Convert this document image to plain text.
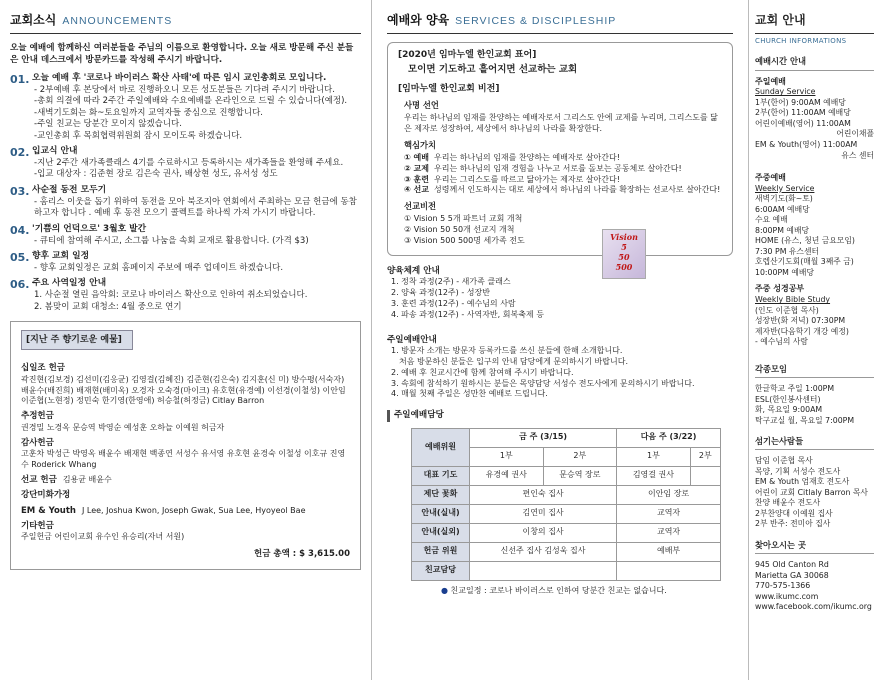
교회소식 ANNOUNCEMENTS
오늘 예배에 함께하신 여러분들을 주님의 이름으로 환영합니다. 오늘 새로 방문해 주신 분들은 안내 데스크에서 방문카드를 작성해 주시기 바랍니다.
01. 오늘 예배 후 '코로나 바이러스 확산 사태'에 따른 임시 교인총회로 모입니다.
- 2부예배 후 본당에서 바로 진행하오니 모든 성도분들은 기다려 주시기 바랍니다.
-총회 의결에 따라 2주간 주일예배와 수요예배를 온라인으로 드릴 수 있습니다(예정).
-새벽기도회는 화~토요일까지 교역자들 중심으로 진행합니다.
-주일 친교는 당분간 모이지 않겠습니다.
-교인총회 후 목회협력위원회 잠시 모이도록 하겠습니다.
02. 입교식 안내
-지난 2주간 새가족클래스 4기를 수료하시고 등록하시는 새가족들을 환영해 주세요.
-입교 대상자 : 김준현 장로 김은숙 권사, 배상현 성도, 유서성 성도
03. 사순절 동전 모두기
- 홈리스 이웃을 돕기 위하여 동전을 모아 북조지아 연회에서 주최하는 모금 헌금에 동참하고자 합니다 . 예배 후 동전 모으기 콜렉트를 하나씩 가져 가시기 바랍니다.
04. '기쁨의 언덕으로' 3월호 발간
- 큐티에 참여해 주시고, 소그룹 나눔을 속회 교재로 활용합니다. (가격 $3)
05. 향후 교회 일정
- 향후 교회일정은 교회 홈페이지 주보에 매주 업데이트 하겠습니다.
06. 주요 사역일정 안내
1. 사순절 열린 음악회: 코로나 바이러스 확산으로 인하여 취소되었습니다.
2. 봄맞이 교회 대청소: 4월 중으로 연기
[지난 주 향기로운 예물]
십일조 헌금
곽진현(김보경) 김선미(김응균) 김영걸(김혜진) 김준현(김은숙) 김지훈(신 미) 방수평(서숙자) 배윤수(배진희) 배재현(배미옥) 오경자 오숙경(마이크) 유호현(유경예) 이선경(이철성) 이안임 이준협(노현정) 정민숙 한기영(한영애) 허승철(허정금) Citlay Barron
추정헌금
권경밀 노경옥 문승역 박영순 예성훈 오하늘 이예원 허금자
감사헌금
고훈차 박성근 박영옥 배윤수 배재현 백종연 서성수 유서영 유호현 윤경숙 이철성 이호규 진영수 Roderick Whang
선교 헌금 김용균 배윤수
강단미화가정
EM & Youth J Lee, Joshua Kwon, Joseph Gwak, Sua Lee, Hyoyeol Bae
기타헌금
주일헌금 어린이교회 유수인 유승리(자녀 서원)
헌금 총액 : $ 3,615.00
예배와 양육 SERVICES & DISCIPLESHIP
[2020년 임마누엘 한인교회 표어]
모이면 기도하고 흩어지면 선교하는 교회
[임마누엘 한인교회 비전]
사명 선언
우리는 하나님의 임재를 찬양하는 예배자로서 그리스도 안에 교제를 누리며, 그리스도를 닮은 제자로 성장하여, 세상에서 하나님의 나라를 확장한다.
핵심가치
① 예배 우리는 하나님의 임재를 찬양하는 예배자로 살아간다!
② 교제 우리는 하나님의 임재 경험을 나누고 서로를 돌보는 공동체로 살아간다!
③ 훈련 우리는 그리스도를 따르고 닮아가는 제자로 살아간다!
④ 선교 성령께서 인도하시는 대로 세상에서 하나님의 나라를 확장하는 선교사로 살아간다!
선교비전
① Vision 5 5개 파트너 교회 개척
② Vision 50 50개 선교지 개척
③ Vision 500 500명 세가족 전도	Vision
5
50
500
양육체계 안내
1. 정착 과정(2주) - 새가족 클래스
2. 양육 과정(12주) - 성장반
3. 훈련 과정(12주) - 예수님의 사람
4. 파송 과정(12주) - 사역자반, 회복축제 등
주일예배안내
1. 방문자 소개는 방문자 등록카드를 쓰신 분들에 한해 소개합니다.
처음 방문하신 분들은 입구의 안내 담당에게 문의하시기 바랍니다.
2. 예배 후 친교시간에 함께 참여해 주시기 바랍니다.
3. 속회에 참석하기 원하시는 분들은 목양담당 서성수 전도사에게 문의하시기 바랍니다.
4. 매월 첫째 주일은 성만찬 예배로 드립니다.
주일예배담당
예배위원	금 주 (3/15)		다음 주 (3/22)	
	1부	2부	1부	2부
대표 기도	유경예 권사	문승역 장로	김영걸 권사	
제단 꽃화	편인숙 집사		이안임 장로	
안내(실내)	김연미 집사		교역자	
안내(실외)	이창의 집사		교역자	
헌금 위원	신선주 집사 김성욱 집사		예배부	
친교담당				
● 친교일정 : 코로나 바이러스로 인하여 당분간 친교는 없습니다.
교회 안내
CHURCH INFORMATIONS
예배시간 안내
주일예배
Sunday Service
1부(한어) 9:00AM 예배당
2부(한어) 11:00AM 예배당
어린이예배(영어) 11:00AM
어린이채플
EM & Youth(영어) 11:00AM
유스 센터
주중예배
Weekly Service
새벽기도(화~토)
6:00AM 예배당
수요 예배
8:00PM 예배당
HOME (유스, 청년 금요모임)
7:30 PM 유스센터
호렙산기도회(매월 3째주 금)
10:00PM 예배당
주중 성경공부
Weekly Bible Study
(인도 이준협 목사)
성장반(화 저녁) 07:30PM
제자반(다음학기 개강 예정)
- 예수님의 사람
각종모임
한글학교 주일 1:00PM
ESL(한인봉사센터)
화, 목요일 9:00AM
탁구교실 월, 목요일 7:00PM
섬기는사람들
담임 이준협 목사
목양, 기획 서성수 전도사
EM & Youth 엄재호 전도사
어린이 교회 Citlaly Barron 목사
찬양 배윤수 전도사
2부찬양대 이예원 집사
2부 반주: 전미아 집사
찾아오시는 곳
945 Old Canton Rd
Marietta GA 30068
770-575-1366
www.ikumc.com
www.facebook.com/ikumc.org
